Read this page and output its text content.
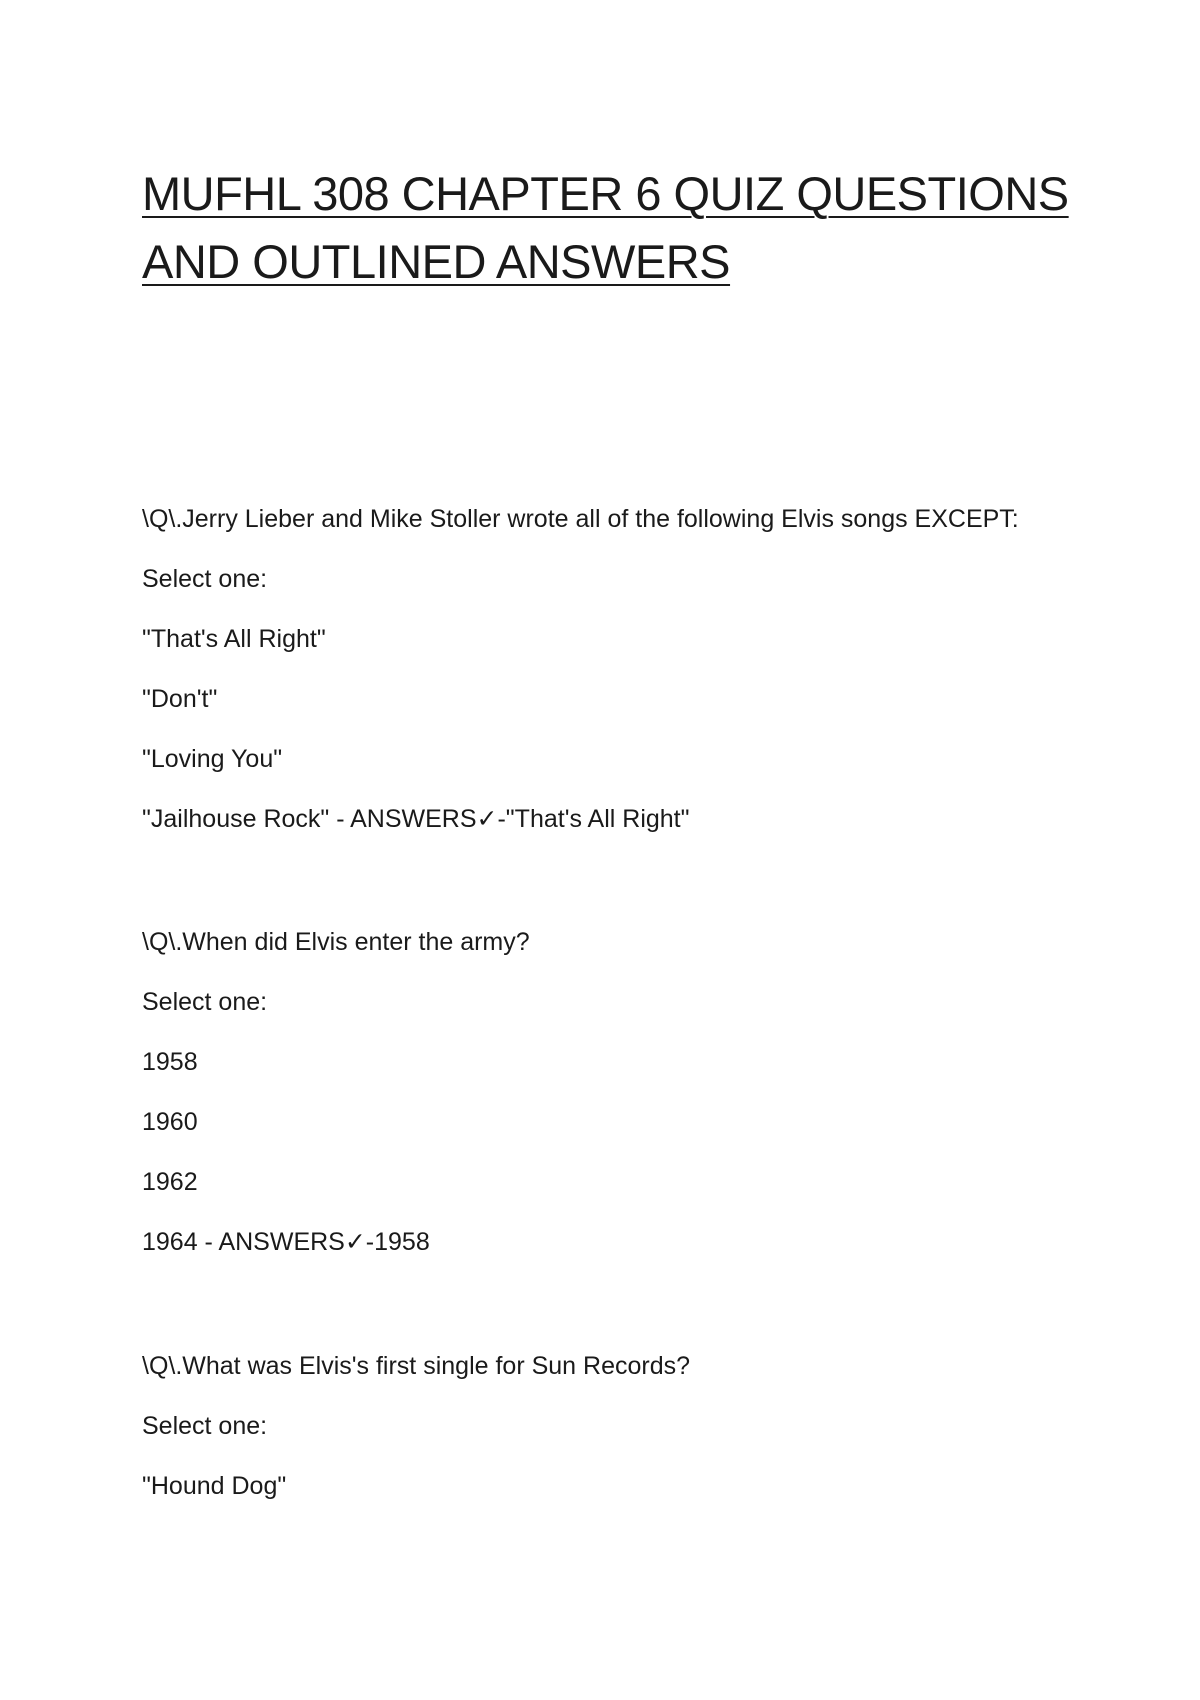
MUFHL 308 CHAPTER 6 QUIZ QUESTIONS
AND OUTLINED ANSWERS
\Q\.Jerry Lieber and Mike Stoller wrote all of the following Elvis songs EXCEPT:
Select one:
"That's All Right"
"Don't"
"Loving You"
"Jailhouse Rock" - ANSWERS✓-"That's All Right"
\Q\.When did Elvis enter the army?
Select one:
1958
1960
1962
1964 - ANSWERS✓-1958
\Q\.What was Elvis's first single for Sun Records?
Select one:
"Hound Dog"
